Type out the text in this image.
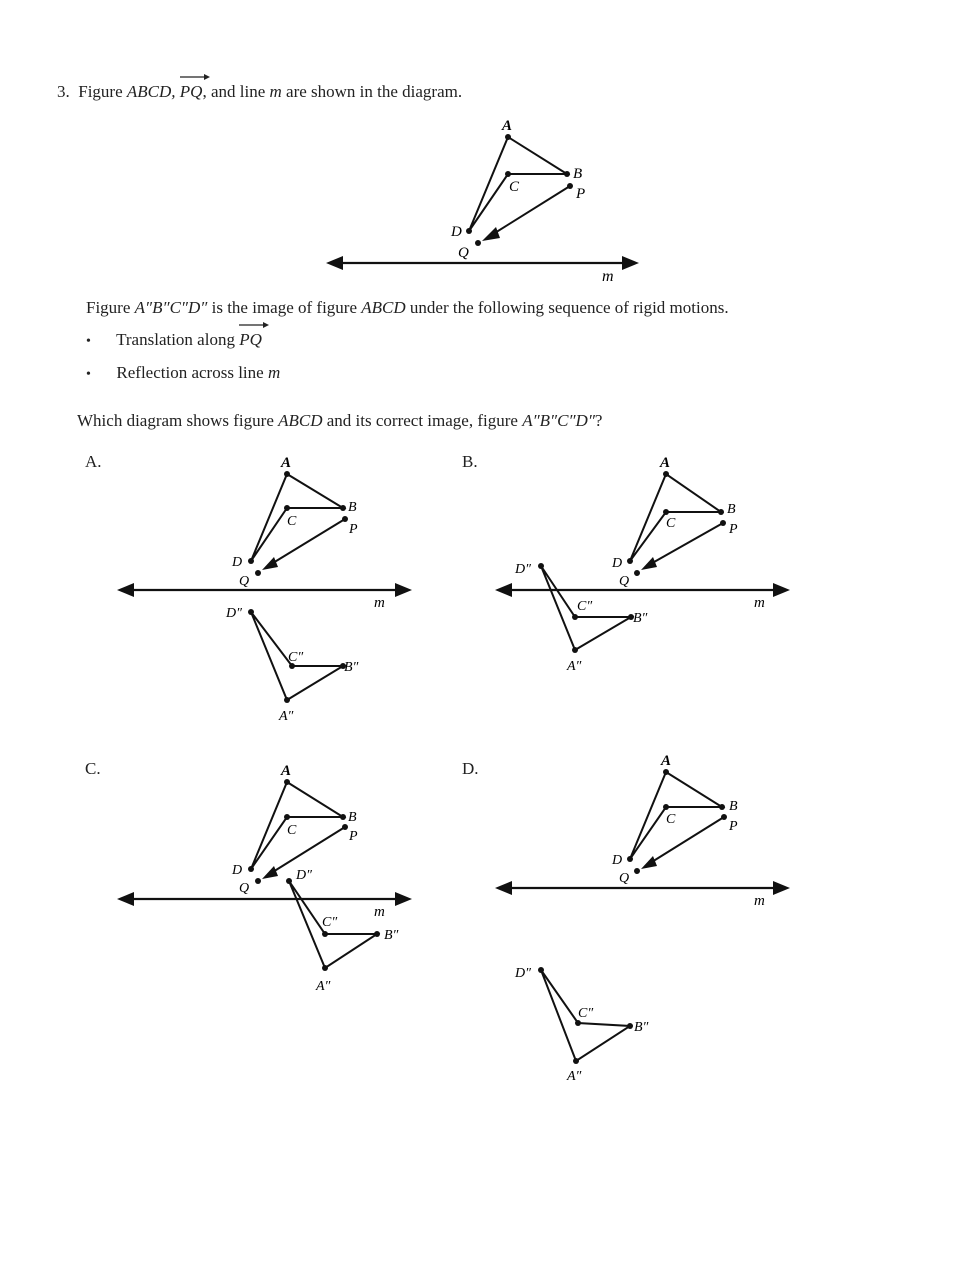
3. Figure ABCD, PQ, and line m are shown in the diagram.
A
B
C
D
P
Q
m
Figure A″B″C″D″ is the image of figure ABCD under the following sequence of rigid motions.
• Translation along PQ
• Reflection across line m
Which diagram shows figure ABCD and its correct image, figure A″B″C″D″?
A.	B.
C.	D.
A
B
C
D
P
Q
m
D″
C″
B″
A″
A
B
C
D
P
Q
m
D″
C″
B″
A″
A
B
C
D
P
Q
m
D″
C″
B″
A″
A
B
C
D
P
Q
m
D″
C″
B″
A″
